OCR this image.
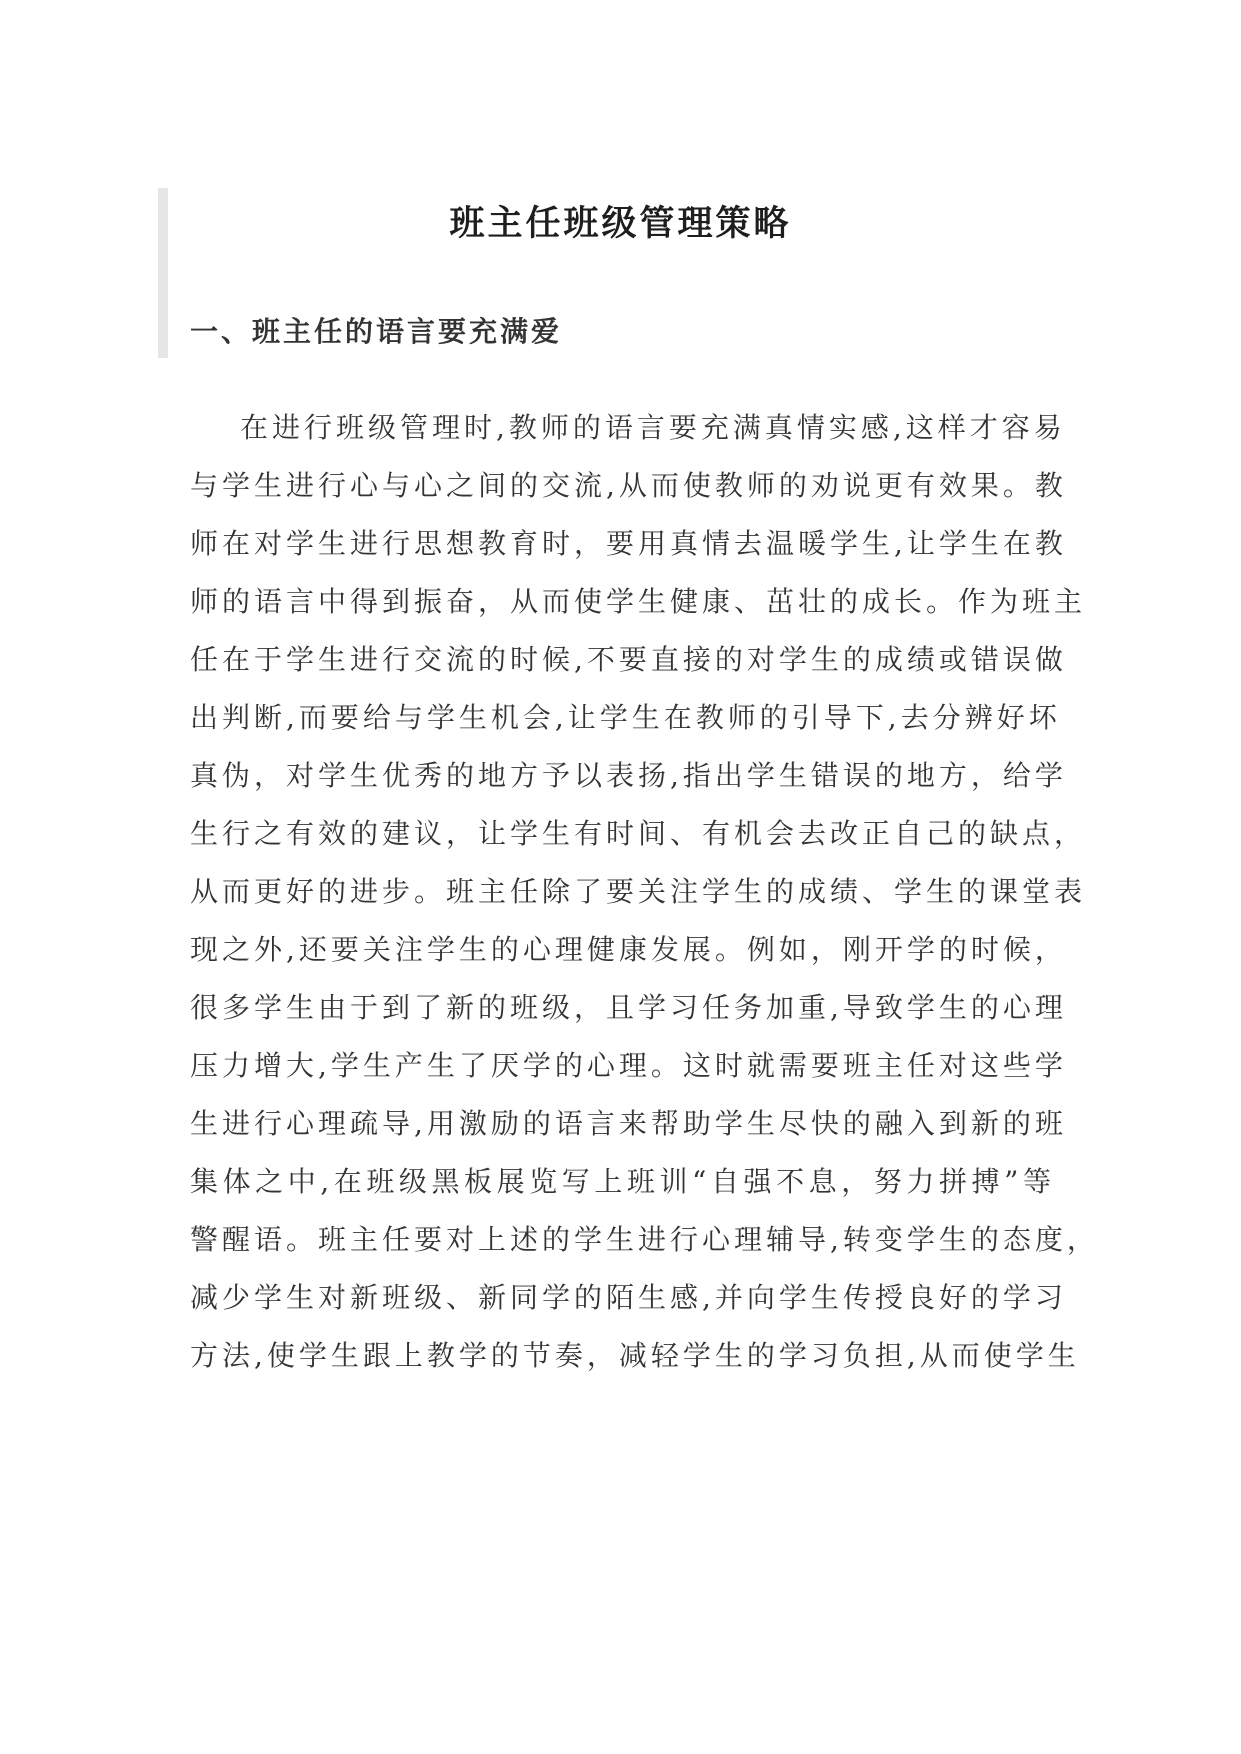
班主任班级管理策略
一、班主任的语言要充满爱
在进行班级管理时,教师的语言要充满真情实感,这样才容易
与学生进行心与心之间的交流,从而使教师的劝说更有效果。教
师在对学生进行思想教育时，要用真情去温暖学生,让学生在教
师的语言中得到振奋，从而使学生健康、茁壮的成长。作为班主
任在于学生进行交流的时候,不要直接的对学生的成绩或错误做
出判断,而要给与学生机会,让学生在教师的引导下,去分辨好坏
真伪，对学生优秀的地方予以表扬,指出学生错误的地方，给学
生行之有效的建议，让学生有时间、有机会去改正自己的缺点，
从而更好的进步。班主任除了要关注学生的成绩、学生的课堂表
现之外,还要关注学生的心理健康发展。例如，刚开学的时候，
很多学生由于到了新的班级，且学习任务加重,导致学生的心理
压力增大,学生产生了厌学的心理。这时就需要班主任对这些学
生进行心理疏导,用激励的语言来帮助学生尽快的融入到新的班
集体之中,在班级黑板展览写上班训“自强不息，努力拼搏”等
警醒语。班主任要对上述的学生进行心理辅导,转变学生的态度，
减少学生对新班级、新同学的陌生感,并向学生传授良好的学习
方法,使学生跟上教学的节奏，减轻学生的学习负担,从而使学生
